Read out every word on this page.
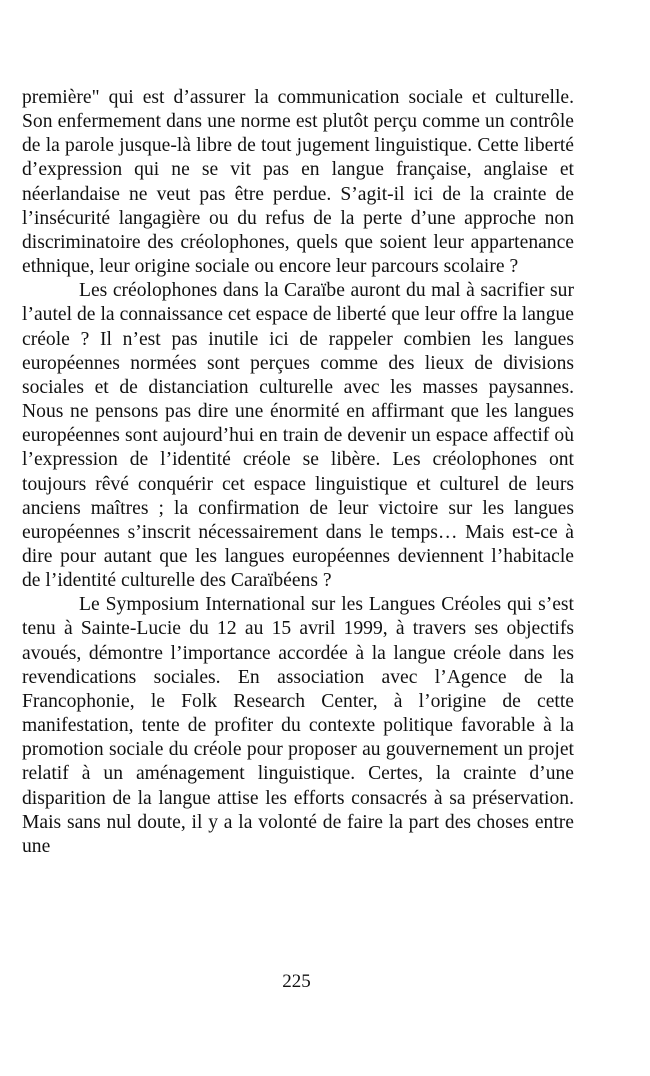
première" qui est d’assurer la communication sociale et culturelle. Son enfermement dans une norme est plutôt perçu comme un contrôle de la parole jusque-là libre de tout jugement linguistique. Cette liberté d’expression qui ne se vit pas en langue française, anglaise et néerlandaise ne veut pas être perdue. S’agit-il ici de la crainte de l’insécurité langagière ou du refus de la perte d’une approche non discriminatoire des créolophones, quels que soient leur appartenance ethnique, leur origine sociale ou encore leur parcours scolaire ?

Les créolophones dans la Caraïbe auront du mal à sacrifier sur l’autel de la connaissance cet espace de liberté que leur offre la langue créole ? Il n’est pas inutile ici de rappeler combien les langues européennes normées sont perçues comme des lieux de divisions sociales et de distanciation culturelle avec les masses paysannes. Nous ne pensons pas dire une énormité en affirmant que les langues européennes sont aujourd’hui en train de devenir un espace affectif où l’expression de l’identité créole se libère. Les créolophones ont toujours rêvé conquérir cet espace linguistique et culturel de leurs anciens maîtres ; la confirmation de leur victoire sur les langues européennes s’inscrit nécessairement dans le temps… Mais est-ce à dire pour autant que les langues européennes deviennent l’habitacle de l’identité culturelle des Caraïbéens ?

Le Symposium International sur les Langues Créoles qui s’est tenu à Sainte-Lucie du 12 au 15 avril 1999, à travers ses objectifs avoués, démontre l’importance accordée à la langue créole dans les revendications sociales. En association avec l’Agence de la Francophonie, le Folk Research Center, à l’origine de cette manifestation, tente de profiter du contexte politique favorable à la promotion sociale du créole pour proposer au gouvernement un projet relatif à un aménagement linguistique. Certes, la crainte d’une disparition de la langue attise les efforts consacrés à sa préservation. Mais sans nul doute, il y a la volonté de faire la part des choses entre une

225
